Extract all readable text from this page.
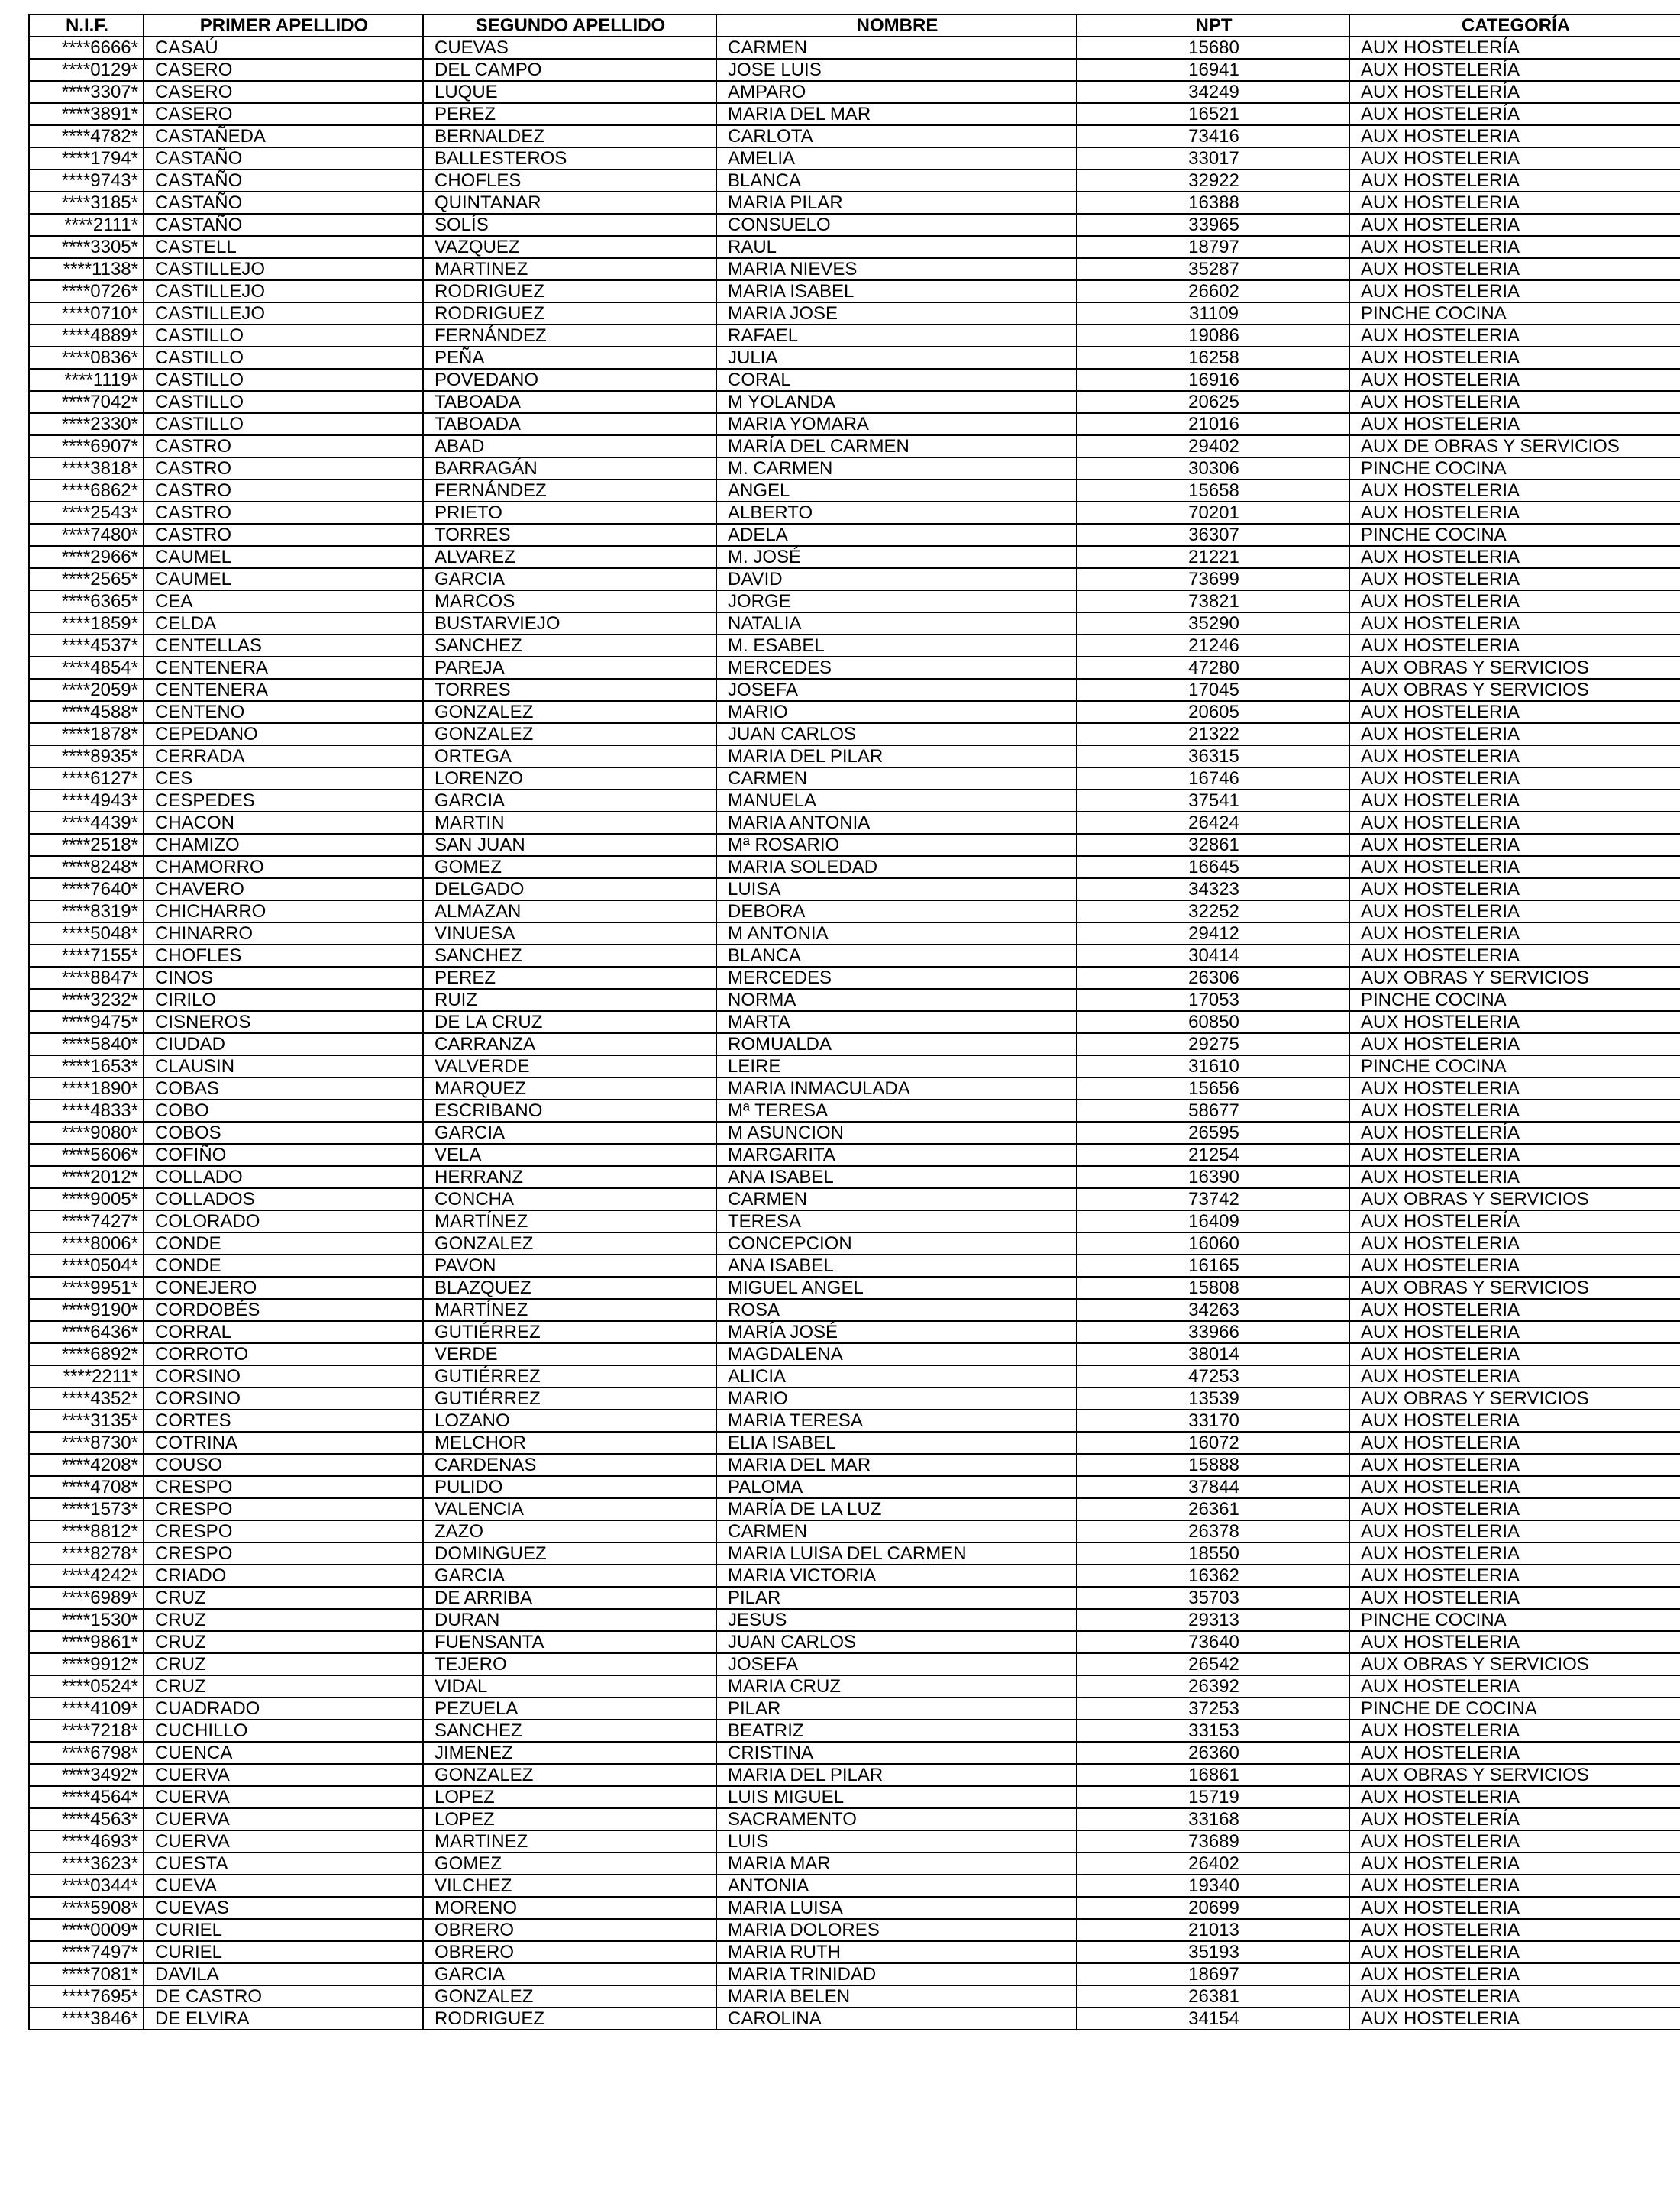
N.I.F.	PRIMER APELLIDO	SEGUNDO APELLIDO	NOMBRE	NPT	CATEGORÍA
****6666*	CASAÚ	CUEVAS	CARMEN	15680	AUX HOSTELERÍA
****0129*	CASERO	DEL CAMPO	JOSE LUIS	16941	AUX HOSTELERÍA
****3307*	CASERO	LUQUE	AMPARO	34249	AUX HOSTELERÍA
****3891*	CASERO	PEREZ	MARIA DEL MAR	16521	AUX HOSTELERÍA
****4782*	CASTAÑEDA	BERNALDEZ	CARLOTA	73416	AUX HOSTELERIA
****1794*	CASTAÑO	BALLESTEROS	AMELIA	33017	AUX HOSTELERIA
****9743*	CASTAÑO	CHOFLES	BLANCA	32922	AUX HOSTELERIA
****3185*	CASTAÑO	QUINTANAR	MARIA PILAR	16388	AUX HOSTELERIA
****2111*	CASTAÑO	SOLÍS	CONSUELO	33965	AUX HOSTELERIA
****3305*	CASTELL	VAZQUEZ	RAUL	18797	AUX HOSTELERIA
****1138*	CASTILLEJO	MARTINEZ	MARIA NIEVES	35287	AUX HOSTELERIA
****0726*	CASTILLEJO	RODRIGUEZ	MARIA ISABEL	26602	AUX HOSTELERIA
****0710*	CASTILLEJO	RODRIGUEZ	MARIA JOSE	31109	PINCHE COCINA
****4889*	CASTILLO	FERNÁNDEZ	RAFAEL	19086	AUX HOSTELERIA
****0836*	CASTILLO	PEÑA	JULIA	16258	AUX HOSTELERIA
****1119*	CASTILLO	POVEDANO	CORAL	16916	AUX HOSTELERIA
****7042*	CASTILLO	TABOADA	M YOLANDA	20625	AUX HOSTELERIA
****2330*	CASTILLO	TABOADA	MARIA YOMARA	21016	AUX HOSTELERIA
****6907*	CASTRO	ABAD	MARÍA DEL CARMEN	29402	AUX DE OBRAS Y SERVICIOS
****3818*	CASTRO	BARRAGÁN	M. CARMEN	30306	PINCHE COCINA
****6862*	CASTRO	FERNÁNDEZ	ANGEL	15658	AUX HOSTELERIA
****2543*	CASTRO	PRIETO	ALBERTO	70201	AUX HOSTELERIA
****7480*	CASTRO	TORRES	ADELA	36307	PINCHE COCINA
****2966*	CAUMEL	ALVAREZ	M. JOSÉ	21221	AUX HOSTELERIA
****2565*	CAUMEL	GARCIA	DAVID	73699	AUX HOSTELERIA
****6365*	CEA	MARCOS	JORGE	73821	AUX HOSTELERIA
****1859*	CELDA	BUSTARVIEJO	NATALIA	35290	AUX HOSTELERIA
****4537*	CENTELLAS	SANCHEZ	M. ESABEL	21246	AUX HOSTELERIA
****4854*	CENTENERA	PAREJA	MERCEDES	47280	AUX OBRAS Y SERVICIOS
****2059*	CENTENERA	TORRES	JOSEFA	17045	AUX OBRAS Y SERVICIOS
****4588*	CENTENO	GONZALEZ	MARIO	20605	AUX HOSTELERIA
****1878*	CEPEDANO	GONZALEZ	JUAN CARLOS	21322	AUX HOSTELERIA
****8935*	CERRADA	ORTEGA	MARIA DEL PILAR	36315	AUX HOSTELERIA
****6127*	CES	LORENZO	CARMEN	16746	AUX HOSTELERIA
****4943*	CESPEDES	GARCIA	MANUELA	37541	AUX HOSTELERIA
****4439*	CHACON	MARTIN	MARIA ANTONIA	26424	AUX HOSTELERIA
****2518*	CHAMIZO	SAN JUAN	Mª ROSARIO	32861	AUX HOSTELERIA
****8248*	CHAMORRO	GOMEZ	MARIA SOLEDAD	16645	AUX HOSTELERIA
****7640*	CHAVERO	DELGADO	LUISA	34323	AUX HOSTELERIA
****8319*	CHICHARRO	ALMAZAN	DEBORA	32252	AUX HOSTELERIA
****5048*	CHINARRO	VINUESA	M ANTONIA	29412	AUX HOSTELERIA
****7155*	CHOFLES	SANCHEZ	BLANCA	30414	AUX HOSTELERIA
****8847*	CINOS	PEREZ	MERCEDES	26306	AUX OBRAS Y SERVICIOS
****3232*	CIRILO	RUIZ	NORMA	17053	PINCHE COCINA
****9475*	CISNEROS	DE LA CRUZ	MARTA	60850	AUX HOSTELERIA
****5840*	CIUDAD	CARRANZA	ROMUALDA	29275	AUX HOSTELERIA
****1653*	CLAUSIN	VALVERDE	LEIRE	31610	PINCHE COCINA
****1890*	COBAS	MARQUEZ	MARIA INMACULADA	15656	AUX HOSTELERIA
****4833*	COBO	ESCRIBANO	Mª TERESA	58677	AUX HOSTELERIA
****9080*	COBOS	GARCIA	M ASUNCION	26595	AUX HOSTELERÍA
****5606*	COFIÑO	VELA	MARGARITA	21254	AUX HOSTELERIA
****2012*	COLLADO	HERRANZ	ANA ISABEL	16390	AUX HOSTELERIA
****9005*	COLLADOS	CONCHA	CARMEN	73742	AUX OBRAS Y SERVICIOS
****7427*	COLORADO	MARTÍNEZ	TERESA	16409	AUX HOSTELERÍA
****8006*	CONDE	GONZALEZ	CONCEPCION	16060	AUX HOSTELERIA
****0504*	CONDE	PAVON	ANA ISABEL	16165	AUX HOSTELERIA
****9951*	CONEJERO	BLAZQUEZ	MIGUEL ANGEL	15808	AUX OBRAS Y SERVICIOS
****9190*	CORDOBÉS	MARTÍNEZ	ROSA	34263	AUX HOSTELERIA
****6436*	CORRAL	GUTIÉRREZ	MARÍA JOSÉ	33966	AUX HOSTELERIA
****6892*	CORROTO	VERDE	MAGDALENA	38014	AUX HOSTELERIA
****2211*	CORSINO	GUTIÉRREZ	ALICIA	47253	AUX HOSTELERIA
****4352*	CORSINO	GUTIÉRREZ	MARIO	13539	AUX OBRAS Y SERVICIOS
****3135*	CORTES	LOZANO	MARIA TERESA	33170	AUX HOSTELERIA
****8730*	COTRINA	MELCHOR	ELIA ISABEL	16072	AUX HOSTELERIA
****4208*	COUSO	CARDENAS	MARIA DEL MAR	15888	AUX HOSTELERIA
****4708*	CRESPO	PULIDO	PALOMA	37844	AUX HOSTELERIA
****1573*	CRESPO	VALENCIA	MARÍA DE LA LUZ	26361	AUX HOSTELERIA
****8812*	CRESPO	ZAZO	CARMEN	26378	AUX HOSTELERIA
****8278*	CRESPO	DOMINGUEZ	MARIA LUISA DEL CARMEN	18550	AUX HOSTELERIA
****4242*	CRIADO	GARCIA	MARIA VICTORIA	16362	AUX HOSTELERIA
****6989*	CRUZ	DE ARRIBA	PILAR	35703	AUX HOSTELERIA
****1530*	CRUZ	DURAN	JESUS	29313	PINCHE COCINA
****9861*	CRUZ	FUENSANTA	JUAN CARLOS	73640	AUX HOSTELERIA
****9912*	CRUZ	TEJERO	JOSEFA	26542	AUX OBRAS Y SERVICIOS
****0524*	CRUZ	VIDAL	MARIA CRUZ	26392	AUX HOSTELERIA
****4109*	CUADRADO	PEZUELA	PILAR	37253	PINCHE DE COCINA
****7218*	CUCHILLO	SANCHEZ	BEATRIZ	33153	AUX HOSTELERIA
****6798*	CUENCA	JIMENEZ	CRISTINA	26360	AUX HOSTELERIA
****3492*	CUERVA	GONZALEZ	MARIA DEL PILAR	16861	AUX OBRAS Y SERVICIOS
****4564*	CUERVA	LOPEZ	LUIS MIGUEL	15719	AUX HOSTELERIA
****4563*	CUERVA	LOPEZ	SACRAMENTO	33168	AUX HOSTELERÍA
****4693*	CUERVA	MARTINEZ	LUIS	73689	AUX HOSTELERIA
****3623*	CUESTA	GOMEZ	MARIA MAR	26402	AUX HOSTELERIA
****0344*	CUEVA	VILCHEZ	ANTONIA	19340	AUX HOSTELERIA
****5908*	CUEVAS	MORENO	MARIA LUISA	20699	AUX HOSTELERIA
****0009*	CURIEL	OBRERO	MARIA DOLORES	21013	AUX HOSTELERIA
****7497*	CURIEL	OBRERO	MARIA RUTH	35193	AUX HOSTELERIA
****7081*	DAVILA	GARCIA	MARIA TRINIDAD	18697	AUX HOSTELERIA
****7695*	DE CASTRO	GONZALEZ	MARIA BELEN	26381	AUX HOSTELERIA
****3846*	DE ELVIRA	RODRIGUEZ	CAROLINA	34154	AUX HOSTELERIA
